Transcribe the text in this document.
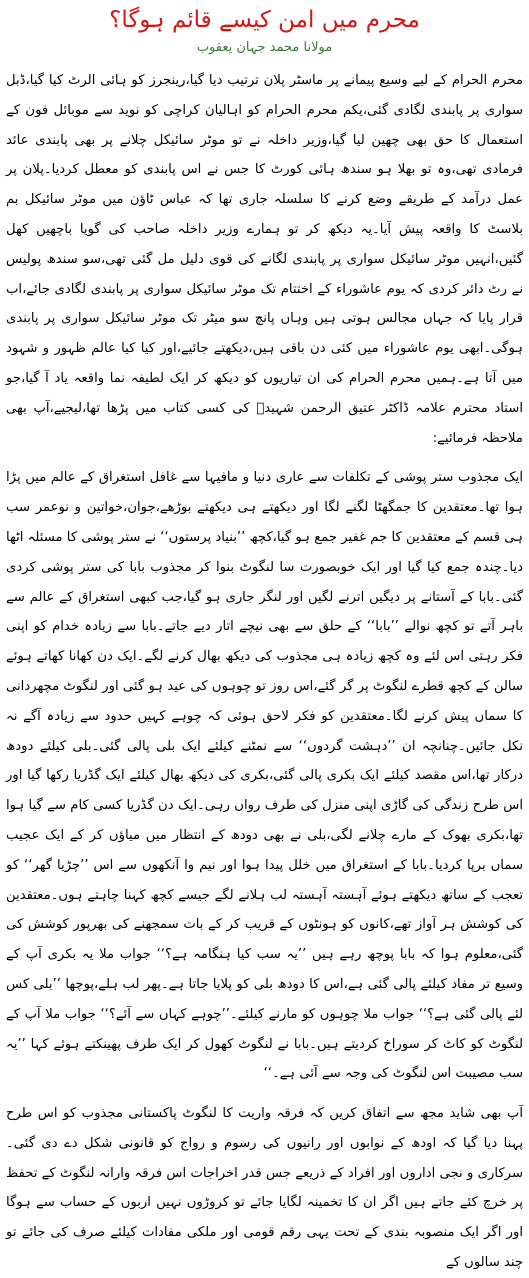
محرم میں امن کیسے قائم ہوگا؟
مولانا محمد جہان یعقوب

محرم الحرام کے لیے وسیع پیمانے پر ماسٹر پلان ترتیب دیا گیا،رینجرز کو ہائی الرٹ کیا گیا،ڈبل سواری پر پابندی لگادی گئی،یکم محرم الحرام کو اہالیان کراچی کو نوید سے موبائل فون کے استعمال کا حق بھی چھین لیا گیا،وزیر داخلہ نے تو موٹر سائیکل چلانے پر بھی پابندی عائد فرمادی تھی،وہ تو بھلا ہو سندھ ہائی کورٹ کا جس نے اس پابندی کو معطل کردیا۔پلان پر عمل درآمد کے طریقے وضع کرنے کا سلسلہ جاری تھا کہ عباس ٹاؤن میں موٹر سائیکل بم بلاسٹ کا واقعہ پیش آیا۔یہ دیکھ کر تو ہمارے وزیر داخلہ صاحب کی گویا باچھیں کھل گئیں،انہیں موٹر سائیکل سواری پر پابندی لگانے کی قوی دلیل مل گئی تھی،سو سندھ پولیس نے رٹ دائر کردی کہ یوم عاشوراء کے اختتام تک موٹر سائیکل سواری پر پابندی لگادی جائے،اب قرار پایا کہ جہاں مجالس ہوتی ہیں وہاں پانچ سو میٹر تک موٹر سائیکل سواری پر پابندی ہوگی۔ابھی یوم عاشوراء میں کئی دن باقی ہیں،دیکھتے جائیے،اور کیا کیا عالم ظہور و شہود میں آتا ہے۔ہمیں محرم الحرام کی ان تیاریوں کو دیکھ کر ایک لطیفہ نما واقعہ یاد آ گیا،جو استاد محترم علامہ ڈاکٹر عتیق الرحمن شہیدؒ کی کسی کتاب میں پڑھا تھا،لیجیے،آپ بھی ملاحظہ فرمائیے:

ایک مجذوب ستر پوشی کے تکلفات سے عاری دنیا و مافیہا سے غافل استغراق کے عالم میں پڑا ہوا تھا۔معتقدین کا جمگھٹا لگنے لگا اور دیکھتے ہی دیکھتے بوڑھے،جوان،خواتین و نوعمر سب ہی قسم کے معتقدین کا جم غفیر جمع ہو گیا،کچھ ’’بنیاد پرستوں‘‘ نے ستر پوشی کا مسئلہ اٹھا دیا۔چندہ جمع کیا گیا اور ایک خوبصورت سا لنگوٹ بنوا کر مجذوب بابا کی ستر پوشی کردی گئی۔بابا کے آستانے پر دیگیں اترنے لگیں اور لنگر جاری ہو گیا،جب کبھی استغراق کے عالم سے باہر آتے تو کچھ نوالے ’’بابا‘‘ کے حلق سے بھی نیچے اتار دیے جاتے۔بابا سے زیادہ خدام کو اپنی فکر رہتی اس لئے وہ کچھ زیادہ ہی مجذوب کی دیکھ بھال کرنے لگے۔ایک دن کھانا کھاتے ہوئے سالن کے کچھ قطرے لنگوٹ پر گر گئے،اس روز تو چوہوں کی عید ہو گئی اور لنگوٹ مچھردانی کا سماں پیش کرنے لگا۔معتقدین کو فکر لاحق ہوئی کہ چوہے کہیں حدود سے زیادہ آگے نہ نکل جائیں۔چنانچہ ان ’’دہشت گردوں‘‘ سے نمٹنے کیلئے ایک بلی پالی گئی۔بلی کیلئے دودھ درکار تھا،اس مقصد کیلئے ایک بکری پالی گئی،بکری کی دیکھ بھال کیلئے ایک گڈریا رکھا گیا اور اس طرح زندگی کی گاڑی اپنی منزل کی طرف رواں رہی۔ایک دن گڈریا کسی کام سے گیا ہوا تھا،بکری بھوک کے مارے چلانے لگی،بلی نے بھی دودھ کے انتظار میں میاؤں کر کے ایک عجیب سماں برپا کردیا۔بابا کے استغراق میں خلل پیدا ہوا اور نیم وا آنکھوں سے اس ’’چڑیا گھر‘‘ کو تعجب کے ساتھ دیکھتے ہوئے آہستہ آہستہ لب ہلانے لگے جیسے کچھ کہنا چاہتے ہوں۔معتقدین کی کوشش ہر آواز تھے،کانوں کو ہونٹوں کے قریب کر کے بات سمجھنے کی بھرپور کوشش کی گئی،معلوم ہوا کہ بابا پوچھ رہے ہیں ’’یہ سب کیا ہنگامہ ہے؟‘‘ جواب ملا یہ بکری آپ کے وسیع تر مفاد کیلئے پالی گئی ہے،اس کا دودھ بلی کو پلایا جاتا ہے۔پھر لب ہلے،پوچھا ’’بلی کس لئے پالی گئی ہے؟‘‘ جواب ملا چوہوں کو مارنے کیلئے۔’’چوہے کہاں سے آئے؟‘‘ جواب ملا آپ کے لنگوٹ کو کاٹ کر سوراخ کردیتے ہیں۔بابا نے لنگوٹ کھول کر ایک طرف پھینکتے ہوئے کہا ’’یہ سب مصیبت اس لنگوٹ کی وجہ سے آئی ہے۔‘‘

آپ بھی شاید مجھ سے اتفاق کریں کہ فرقہ واریت کا لنگوٹ پاکستانی مجذوب کو اس طرح پہنا دیا گیا کہ اودھ کے نوابوں اور رانیوں کی رسوم و رواج کو قانونی شکل دے دی گئی۔سرکاری و نجی اداروں اور افراد کے ذریعے جس قدر اخراجات اس فرقہ وارانہ لنگوٹ کے تحفظ پر خرچ کئے جاتے ہیں اگر ان کا تخمینہ لگایا جائے تو کروڑوں نہیں اربوں کے حساب سے ہوگا اور اگر ایک منصوبہ بندی کے تحت یہی رقم قومی اور ملکی مفادات کیلئے صرف کی جائے تو چند سالوں کے
